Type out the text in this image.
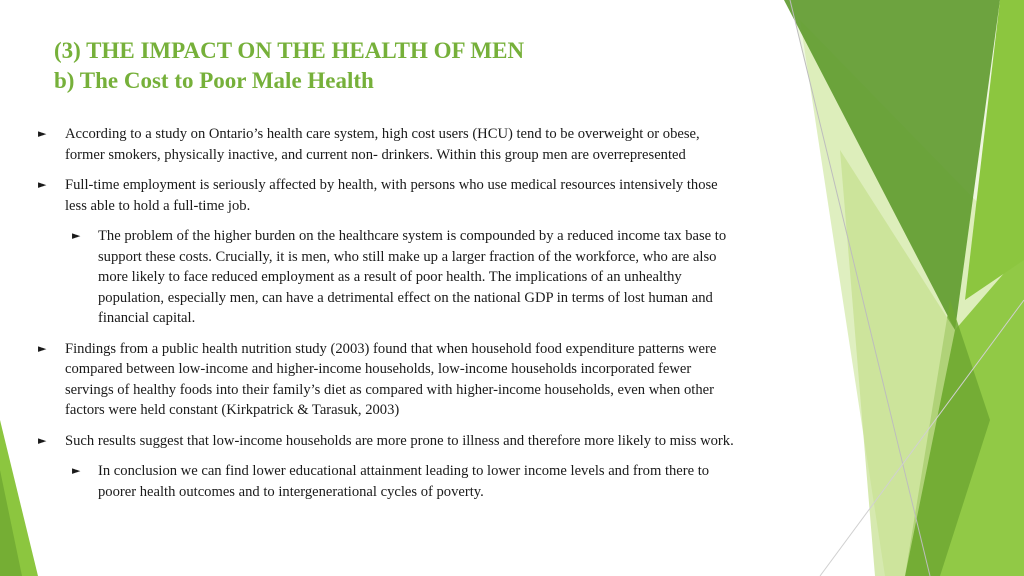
(3) THE IMPACT ON THE HEALTH OF MEN
b) The Cost to Poor Male Health
► According to a study on Ontario’s health care system, high cost users (HCU) tend to be overweight or obese, former smokers, physically inactive, and current non- drinkers. Within this group men are overrepresented
► Full-time employment is seriously affected by health, with persons who use medical resources intensively those less able to hold a full-time job.
► The problem of the higher burden on the healthcare system is compounded by a reduced income tax base to support these costs. Crucially, it is men, who still make up a larger fraction of the workforce, who are also more likely to face reduced employment as a result of poor health. The implications of an unhealthy population, especially men, can have a detrimental effect on the national GDP in terms of lost human and financial capital.
► Findings from a public health nutrition study (2003) found that when household food expenditure patterns were compared between low-income and higher-income households, low-income households incorporated fewer servings of healthy foods into their family’s diet as compared with higher-income households, even when other factors were held constant (Kirkpatrick & Tarasuk, 2003)
► Such results suggest that low-income households are more prone to illness and therefore more likely to miss work.
► In conclusion we can find lower educational attainment leading to lower income levels and from there to poorer health outcomes and to intergenerational cycles of poverty.
